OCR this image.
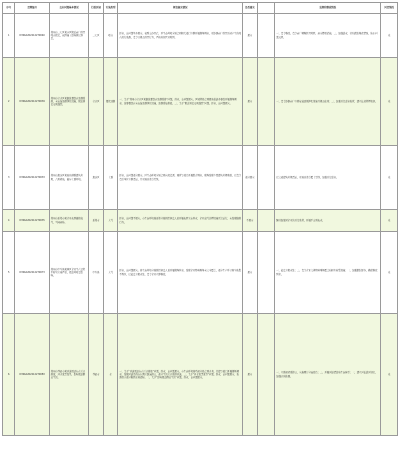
序号	受理编号	交办问题基本情况	行政区域	污染类型	调查核实情况	是否属实		处理和整改情况	问责情况
1	D3SKA202212270040	郑州市二七区某小区附近商户经营噪音扰民，夜间施工影响居民休息。	二七区	噪音	经查，该问题基本属实。接到交办件后，区生态环境分局会同相关部门立即开展现场调查，对涉事商户经营活动产生的噪音进行监测，责令其规范经营行为，严格控制营业时间。	属实		一、责令整改。责令商户调整经营时间，落实降噪措施，二、加强巡查，持续跟踪整改情况，防止问题反弹。	无
2	D3SKA202212270039	郑州市金水区某路段餐饮店油烟直排，未安装油烟净化设施，附近居民反映强烈。	金水区	餐饮油烟	一、关于“郑州市金水区某路段餐饮店油烟直排”问题。经查，该问题属实。区城管局会同属地街道办事处开展现场调查，涉事餐饮店未安装油烟净化设施，油烟直接排放。二、关于“附近居民反映强烈”问题。经查，该问题属实。	属实		一、责令涉事商户立即安装油烟净化设施并规范使用；二、加强日常巡查监管，建立长效管理机制。	无
3	D3SKA202212270033	郑州市惠济区某地块倾倒建筑垃圾，占用耕地，破坏土壤环境。	惠济区	土壤	经查，该问题部分属实。区生态环境分局会同自然资源、城管等部门开展联合调查，现场发现少量建筑垃圾堆放，已责令责任单位立即清运，并对地块进行复绿。	部分属实		已完成建筑垃圾清运，对地块进行覆土复绿，加强日常巡查。	无
4	D3SKA202212270035	郑州市新郑市某企业夜间偷排废气，气味刺鼻。	新郑市	大气	经查，该问题不属实。市生态环境局新郑分局组织执法人员开展夜间突击检查，企业废气治理设施正常运行，未发现偷排行为。	不属实		继续加强对企业的日常监管，开展不定期夜查。	无
5	D3SKA202212270073	郑州市中牟县某园区企业生产过程中粉尘污染严重，周边环境受影响。	中牟县	大气	经查，该问题属实。县生态环境分局组织执法人员开展现场检查，发现企业物料堆场未完全覆盖，部分生产环节粉尘收集不到位，已依法立案查处，责令企业立即整改。	属实		一、依法立案查处；二、责令企业完善物料堆场覆盖和粉尘收集设施；三、加强跟踪督办，确保整改到位。	无
6	D3SKA202212270083	郑州市登封市某河道周边存在污水排放，河水发黑发臭，影响周边群众生活。	登封市	水	一、关于“河道周边存在污水排放”问题。经查，该问题属实。市生态环境局登封分局会同水利、住建等部门开展现场调查，发现河道沿线存在雨污混流排口，部分生活污水直排河道。二、关于“河水发黑发臭”问题。经查，该问题属实，监测显示部分断面水质超标。三、关于“影响周边群众生活”问题。经查，该问题属实。	属实		一、立即封堵直排口，实施雨污分流改造；二、开展河道清淤和生态修复；三、建立河长巡河制度，加强水质监测。	无
